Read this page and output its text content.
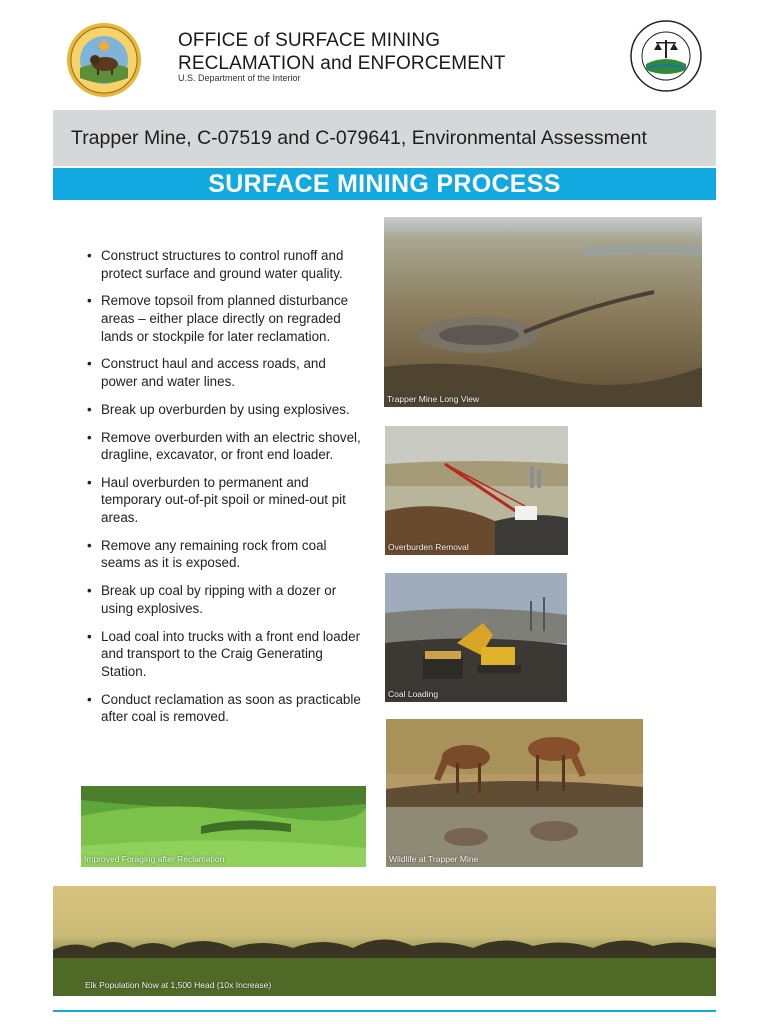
OFFICE of SURFACE MINING
RECLAMATION and ENFORCEMENT
U.S. Department of the Interior
Trapper Mine, C-07519 and C-079641, Environmental Assessment
SURFACE MINING PROCESS
• Construct structures to control runoff and protect surface and ground water quality.
• Remove topsoil from planned disturbance areas – either place directly on regraded lands or stockpile for later reclamation.
• Construct haul and access roads, and power and water lines.
• Break up overburden by using explosives.
• Remove overburden with an electric shovel, dragline, excavator, or front end loader.
• Haul overburden to permanent and temporary out-of-pit spoil or mined-out pit areas.
• Remove any remaining rock from coal seams as it is exposed.
• Break up coal by ripping with a dozer or using explosives.
• Load coal into trucks with a front end loader and transport to the Craig Generating Station.
• Conduct reclamation as soon as practicable after coal is removed.
Trapper Mine Long View
Overburden Removal
Coal Loading
Wildlife at Trapper Mine
Improved Foraging after Reclamation
Elk Population Now at 1,500 Head (10x Increase)
